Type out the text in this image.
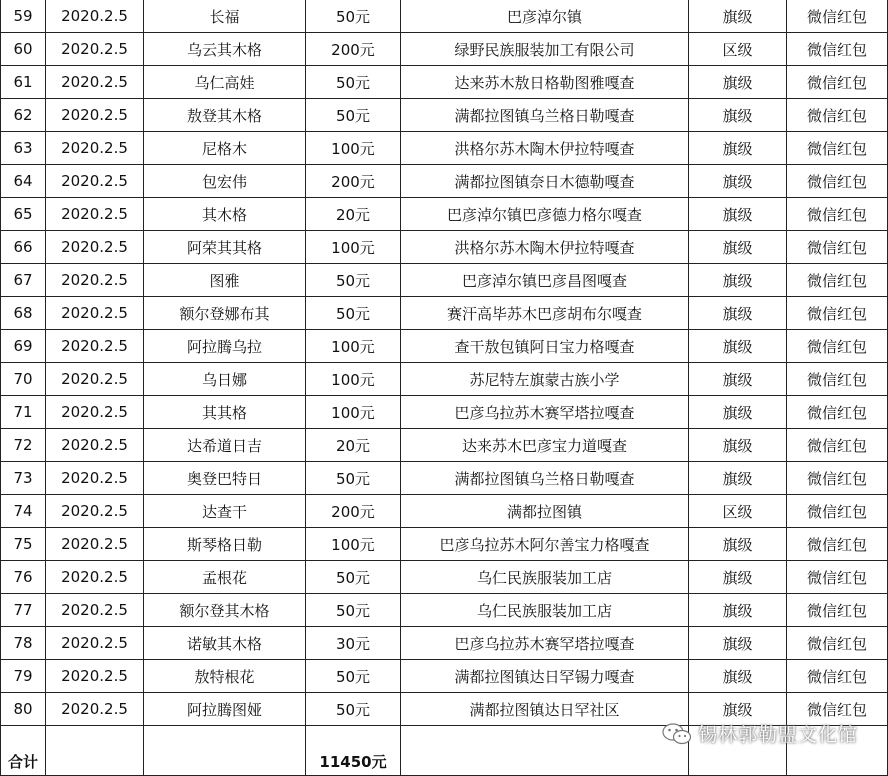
59	2020.2.5	长福	50元	巴彦淖尔镇	旗级	微信红包
60	2020.2.5	乌云其木格	200元	绿野民族服装加工有限公司	区级	微信红包
61	2020.2.5	乌仁高娃	50元	达来苏木敖日格勒图雅嘎查	旗级	微信红包
62	2020.2.5	敖登其木格	50元	满都拉图镇乌兰格日勒嘎查	旗级	微信红包
63	2020.2.5	尼格木	100元	洪格尔苏木陶木伊拉特嘎查	旗级	微信红包
64	2020.2.5	包宏伟	200元	满都拉图镇奈日木德勒嘎查	旗级	微信红包
65	2020.2.5	其木格	20元	巴彦淖尔镇巴彦德力格尔嘎查	旗级	微信红包
66	2020.2.5	阿荣其其格	100元	洪格尔苏木陶木伊拉特嘎查	旗级	微信红包
67	2020.2.5	图雅	50元	巴彦淖尔镇巴彦昌图嘎查	旗级	微信红包
68	2020.2.5	额尔登娜布其	50元	赛汗高毕苏木巴彦胡布尔嘎查	旗级	微信红包
69	2020.2.5	阿拉腾乌拉	100元	查干敖包镇阿日宝力格嘎查	旗级	微信红包
70	2020.2.5	乌日娜	100元	苏尼特左旗蒙古族小学	旗级	微信红包
71	2020.2.5	其其格	100元	巴彦乌拉苏木赛罕塔拉嘎查	旗级	微信红包
72	2020.2.5	达希道日吉	20元	达来苏木巴彦宝力道嘎查	旗级	微信红包
73	2020.2.5	奥登巴特日	50元	满都拉图镇乌兰格日勒嘎查	旗级	微信红包
74	2020.2.5	达查干	200元	满都拉图镇	区级	微信红包
75	2020.2.5	斯琴格日勒	100元	巴彦乌拉苏木阿尔善宝力格嘎查	旗级	微信红包
76	2020.2.5	孟根花	50元	乌仁民族服装加工店	旗级	微信红包
77	2020.2.5	额尔登其木格	50元	乌仁民族服装加工店	旗级	微信红包
78	2020.2.5	诺敏其木格	30元	巴彦乌拉苏木赛罕塔拉嘎查	旗级	微信红包
79	2020.2.5	敖特根花	50元	满都拉图镇达日罕锡力嘎查	旗级	微信红包
80	2020.2.5	阿拉腾图娅	50元	满都拉图镇达日罕社区	旗级	微信红包
合计			11450元			
锡林郭勒盟文化馆
